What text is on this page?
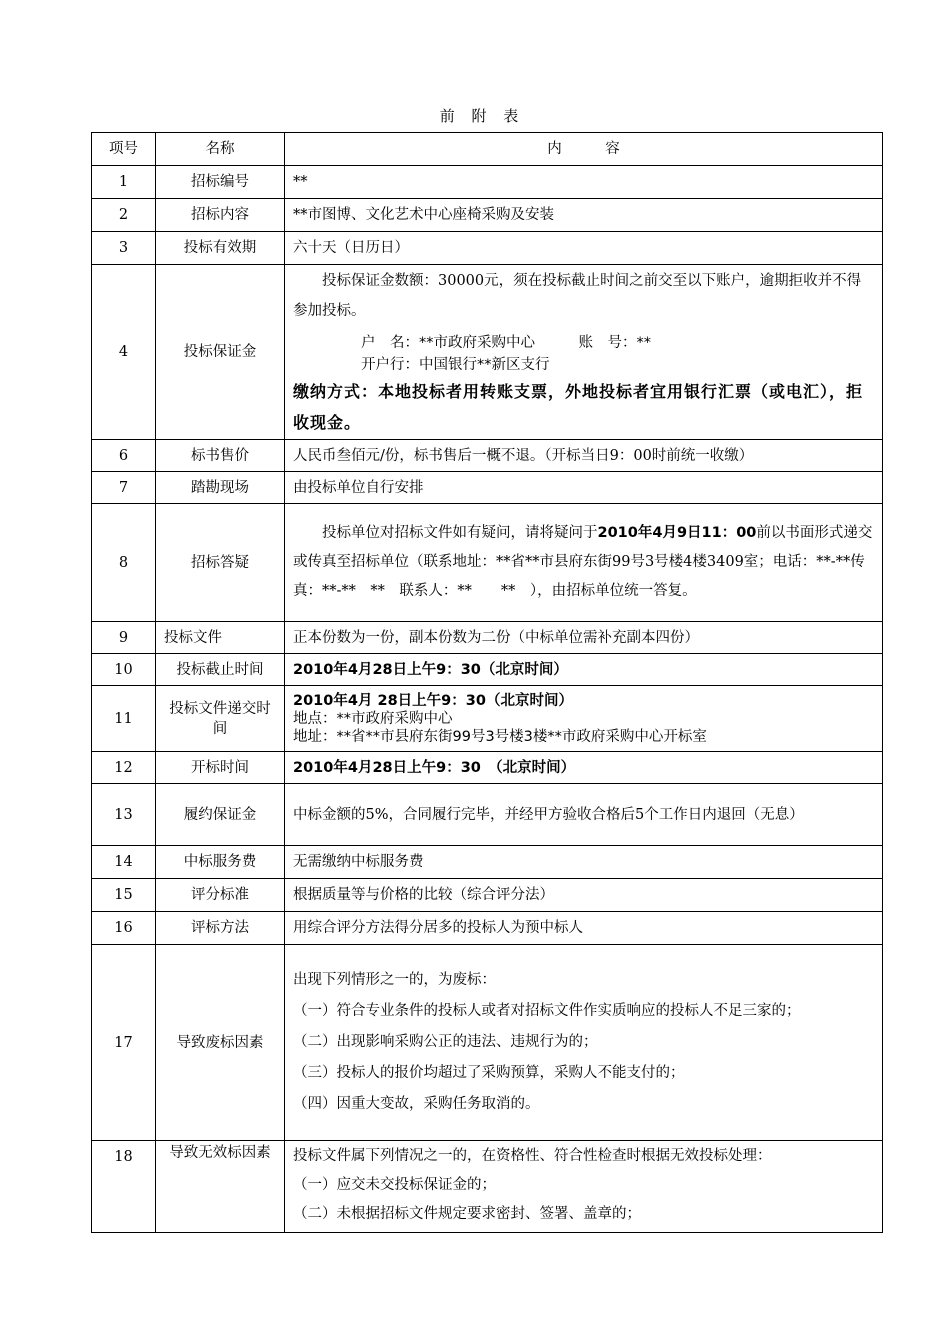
前 附 表
项号	名称	内　　　容
1	招标编号	**
2	招标内容	**市图博、文化艺术中心座椅采购及安装
3	投标有效期	六十天（日历日）
4	投标保证金	投标保证金数额：30000元，须在投标截止时间之前交至以下账户，逾期拒收并不得参加投标。
户　名：**市政府采购中心　　　账　号：**
开户行：中国银行**新区支行
缴纳方式：本地投标者用转账支票，外地投标者宜用银行汇票（或电汇），拒收现金。

6	标书售价	人民币叁佰元/份，标书售后一概不退。（开标当日9：00时前统一收缴）
7	踏勘现场	由投标单位自行安排
8	招标答疑	投标单位对招标文件如有疑问，请将疑问于2010年4月9日11：00前以书面形式递交或传真至招标单位（联系地址：**省**市县府东街99号3号楼4楼3409室；电话：**-**传真：**-**　**　联系人：**　　**　），由招标单位统一答复。

9	投标文件	正本份数为一份，副本份数为二份（中标单位需补充副本四份）
10	投标截止时间	2010年4月28日上午9：30（北京时间）
11	投标文件递交时间	2010年4月 28日上午9：30（北京时间）
地点：**市政府采购中心
地址：**省**市县府东街99号3号楼3楼**市政府采购中心开标室

12	开标时间	2010年4月28日上午9：30　（北京时间）
13	履约保证金	中标金额的5%，合同履行完毕，并经甲方验收合格后5个工作日内退回（无息）
14	中标服务费	无需缴纳中标服务费
15	评分标准	根据质量等与价格的比较（综合评分法）
16	评标方法	用综合评分方法得分居多的投标人为预中标人
17	导致废标因素	出现下列情形之一的，为废标：
（一）符合专业条件的投标人或者对招标文件作实质响应的投标人不足三家的；
（二）出现影响采购公正的违法、违规行为的；
（三）投标人的报价均超过了采购预算，采购人不能支付的；
（四）因重大变故，采购任务取消的。

18	导致无效标因素	投标文件属下列情况之一的，在资格性、符合性检查时根据无效投标处理：
（一）应交未交投标保证金的；
（二）未根据招标文件规定要求密封、签署、盖章的；
